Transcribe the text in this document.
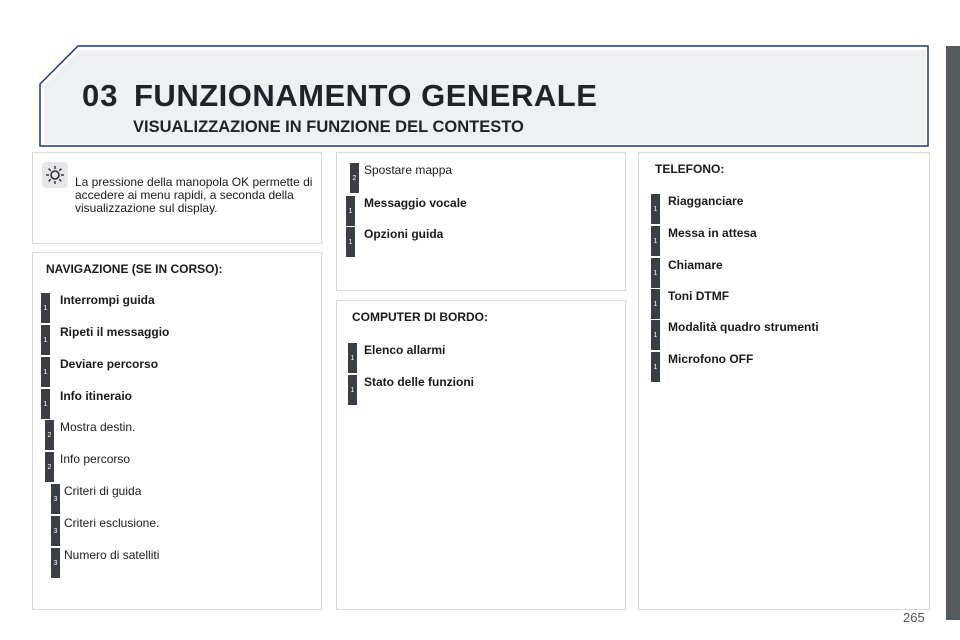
03 FUNZIONAMENTO GENERALE
VISUALIZZAZIONE IN FUNZIONE DEL CONTESTO
La pressione della manopola OK permette di accedere ai menu rapidi, a seconda della visualizzazione sul display.
NAVIGAZIONE (SE IN CORSO):
1
Interrompi guida
1
Ripeti il messaggio
1
Deviare percorso
1
Info itineraio
2
Mostra destin.
2
Info percorso
3
Criteri di guida
3
Criteri esclusione.
3
Numero di satelliti
2
Spostare mappa
1
Messaggio vocale
1
Opzioni guida
COMPUTER DI BORDO:
1
Elenco allarmi
1
Stato delle funzioni
TELEFONO:
1
Riagganciare
1
Messa in attesa
1
Chiamare
1
Toni DTMF
1
Modalità quadro strumenti
1
Microfono OFF
265
